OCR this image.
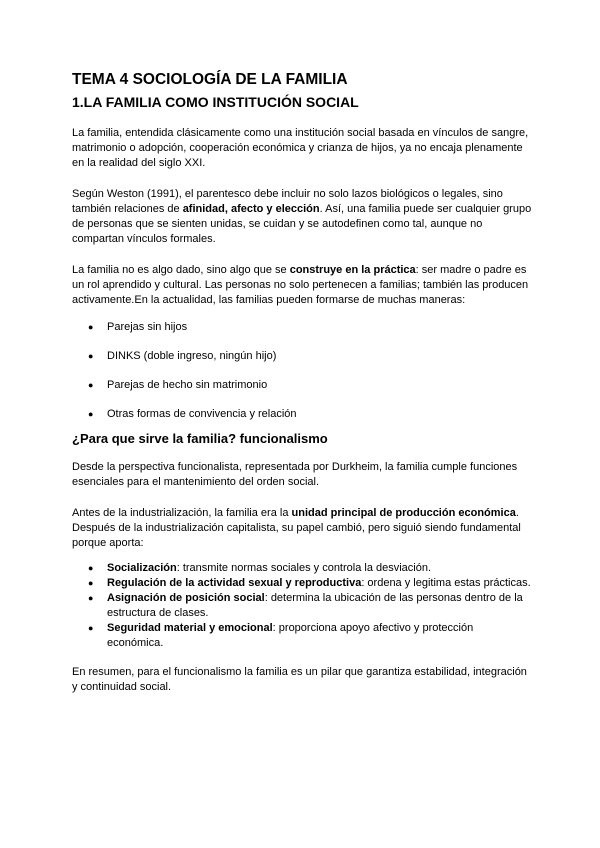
TEMA 4 SOCIOLOGÍA DE LA FAMILIA
1.LA FAMILIA COMO INSTITUCIÓN SOCIAL

La familia, entendida clásicamente como una institución social basada en vínculos de sangre, matrimonio o adopción, cooperación económica y crianza de hijos, ya no encaja plenamente en la realidad del siglo XXI.

Según Weston (1991), el parentesco debe incluir no solo lazos biológicos o legales, sino también relaciones de afinidad, afecto y elección. Así, una familia puede ser cualquier grupo de personas que se sienten unidas, se cuidan y se autodefinen como tal, aunque no compartan vínculos formales.

La familia no es algo dado, sino algo que se construye en la práctica: ser madre o padre es un rol aprendido y cultural. Las personas no solo pertenecen a familias; también las producen activamente.En la actualidad, las familias pueden formarse de muchas maneras:

● Parejas sin hijos
● DINKS (doble ingreso, ningún hijo)
● Parejas de hecho sin matrimonio
● Otras formas de convivencia y relación
¿Para que sirve la familia? funcionalismo

Desde la perspectiva funcionalista, representada por Durkheim, la familia cumple funciones esenciales para el mantenimiento del orden social.

Antes de la industrialización, la familia era la unidad principal de producción económica. Después de la industrialización capitalista, su papel cambió, pero siguió siendo fundamental porque aporta:

● Socialización: transmite normas sociales y controla la desviación.
● Regulación de la actividad sexual y reproductiva: ordena y legitima estas prácticas.
● Asignación de posición social: determina la ubicación de las personas dentro de la estructura de clases.
● Seguridad material y emocional: proporciona apoyo afectivo y protección económica.

En resumen, para el funcionalismo la familia es un pilar que garantiza estabilidad, integración y continuidad social.
